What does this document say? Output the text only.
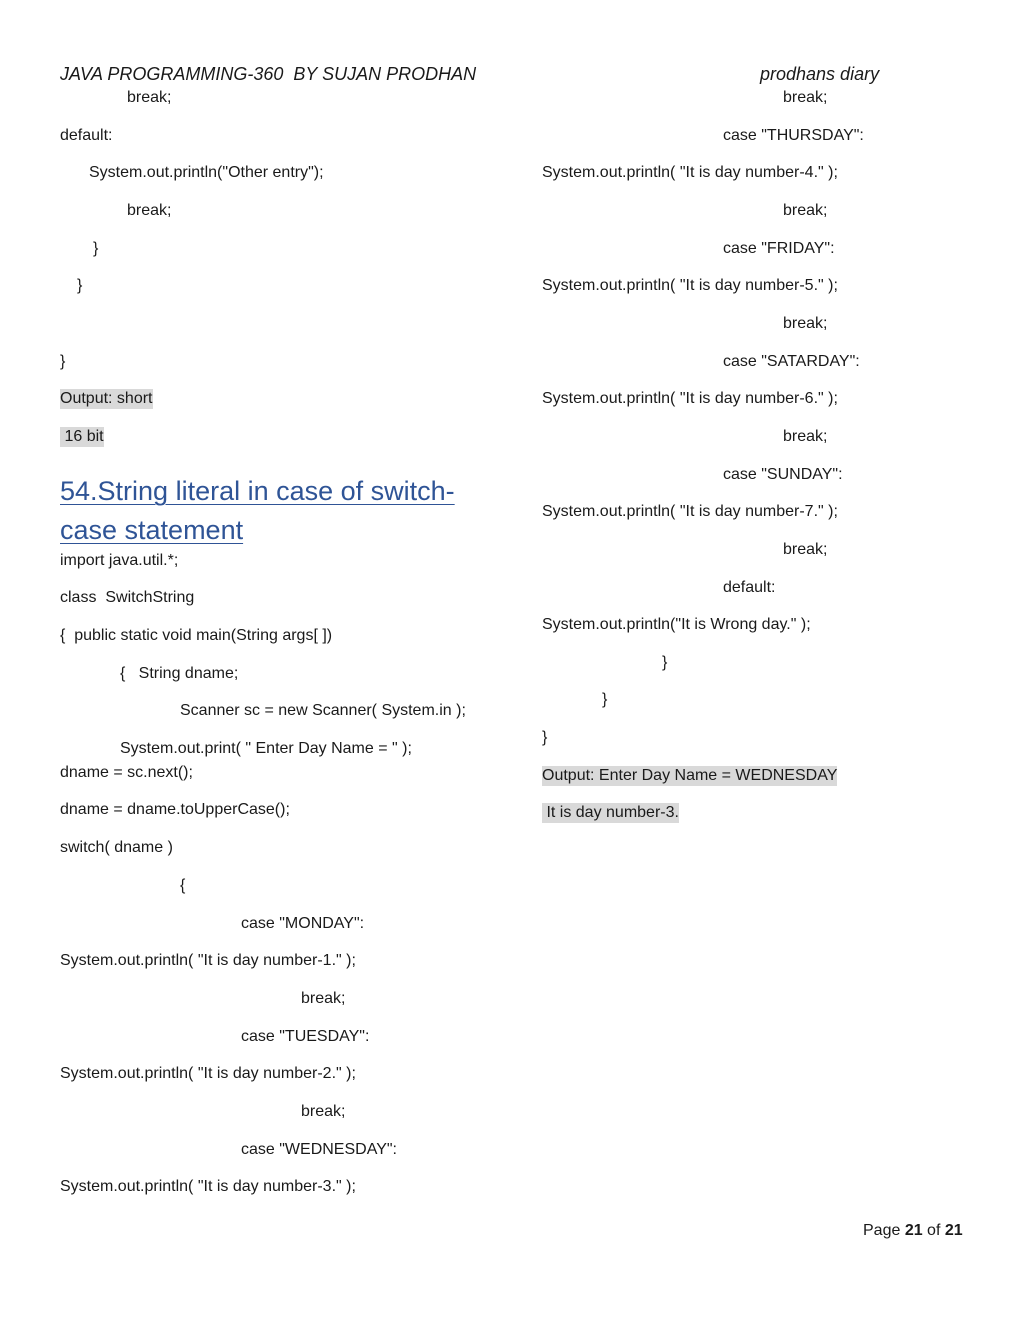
JAVA PROGRAMMING-360  BY SUJAN PRODHAN	prodhans diary
break;
default:
System.out.println("Other entry");
break;
}
}
}
Output: short
16 bit
54.String literal in case of switch-
case statement
import java.util.*;
class  SwitchString
{  public static void main(String args[ ])
{   String dname;
Scanner sc = new Scanner( System.in );
System.out.print( " Enter Day Name = " );
dname = sc.next();
dname = dname.toUpperCase();
switch( dname )
{
case "MONDAY":
System.out.println( "It is day number-1." );
break;
case "TUESDAY":
System.out.println( "It is day number-2." );
break;
case "WEDNESDAY":
System.out.println( "It is day number-3." );
break;
case "THURSDAY":
System.out.println( "It is day number-4." );
break;
case "FRIDAY":
System.out.println( "It is day number-5." );
break;
case "SATARDAY":
System.out.println( "It is day number-6." );
break;
case "SUNDAY":
System.out.println( "It is day number-7." );
break;
default:
System.out.println("It is Wrong day." );
}
}
}
Output: Enter Day Name = WEDNESDAY
It is day number-3.
Page 21 of 21
